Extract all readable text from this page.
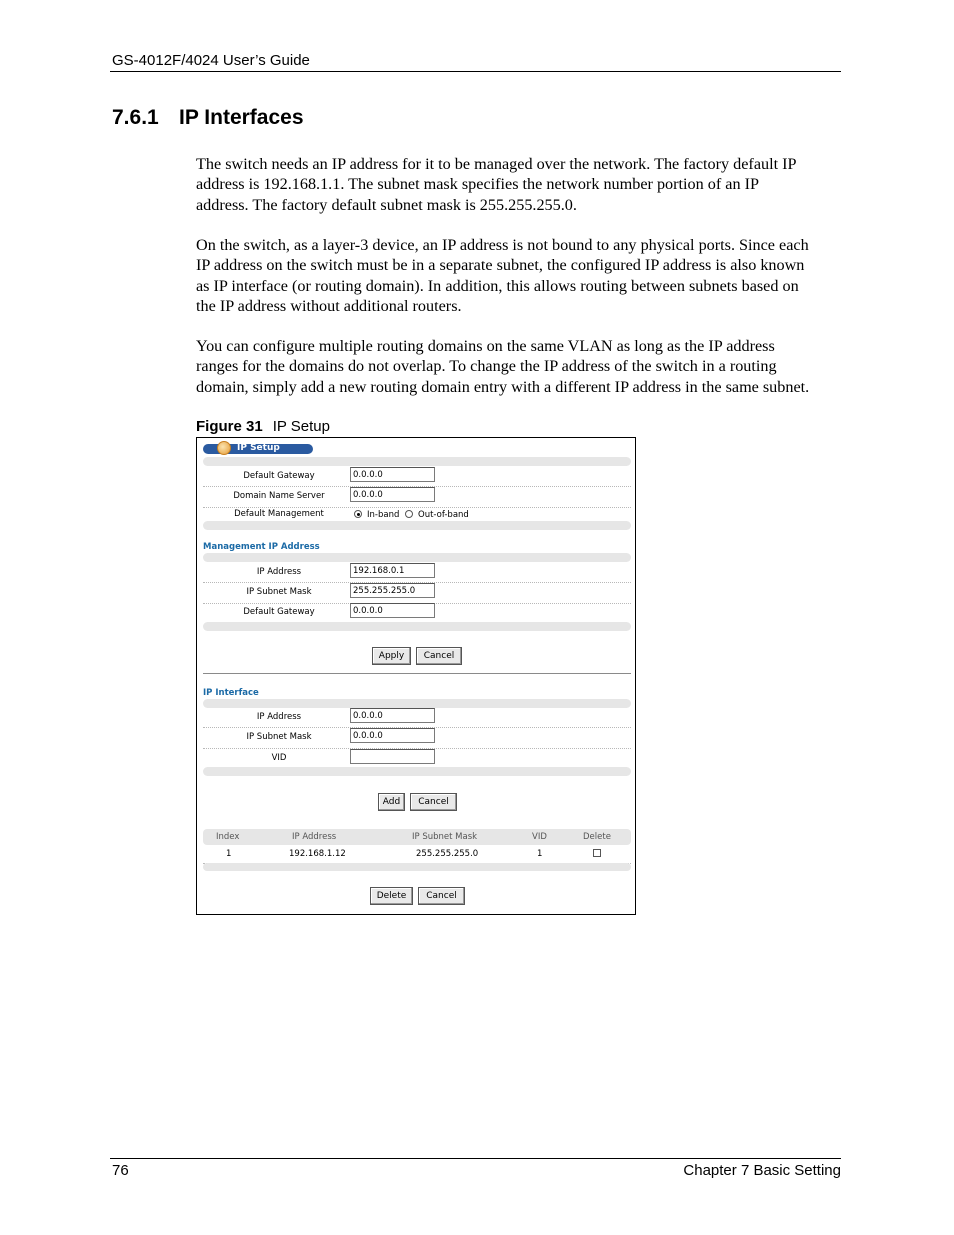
GS-4012F/4024 User’s Guide
7.6.1 IP Interfaces
The switch needs an IP address for it to be managed over the network. The factory default IP
address is 192.168.1.1. The subnet mask specifies the network number portion of an IP
address. The factory default subnet mask is 255.255.255.0.
On the switch, as a layer-3 device, an IP address is not bound to any physical ports. Since each
IP address on the switch must be in a separate subnet, the configured IP address is also known
as IP interface (or routing domain). In addition, this allows routing between subnets based on
the IP address without additional routers.
You can configure multiple routing domains on the same VLAN as long as the IP address
ranges for the domains do not overlap. To change the IP address of the switch in a routing
domain, simply add a new routing domain entry with a different IP address in the same subnet.
Figure 31 IP Setup
IP Setup
Default Gateway	0.0.0.0
Domain Name Server	0.0.0.0
Default Management	In-band Out-of-band
Management IP Address
IP Address	192.168.0.1
IP Subnet Mask	255.255.255.0
Default Gateway	0.0.0.0
Apply	Cancel
IP Interface
IP Address	0.0.0.0
IP Subnet Mask	0.0.0.0
VID
Add	Cancel
Index	IP Address	IP Subnet Mask	VID	Delete
1	192.168.1.12	255.255.255.0	1
Delete	Cancel
76	Chapter 7 Basic Setting
